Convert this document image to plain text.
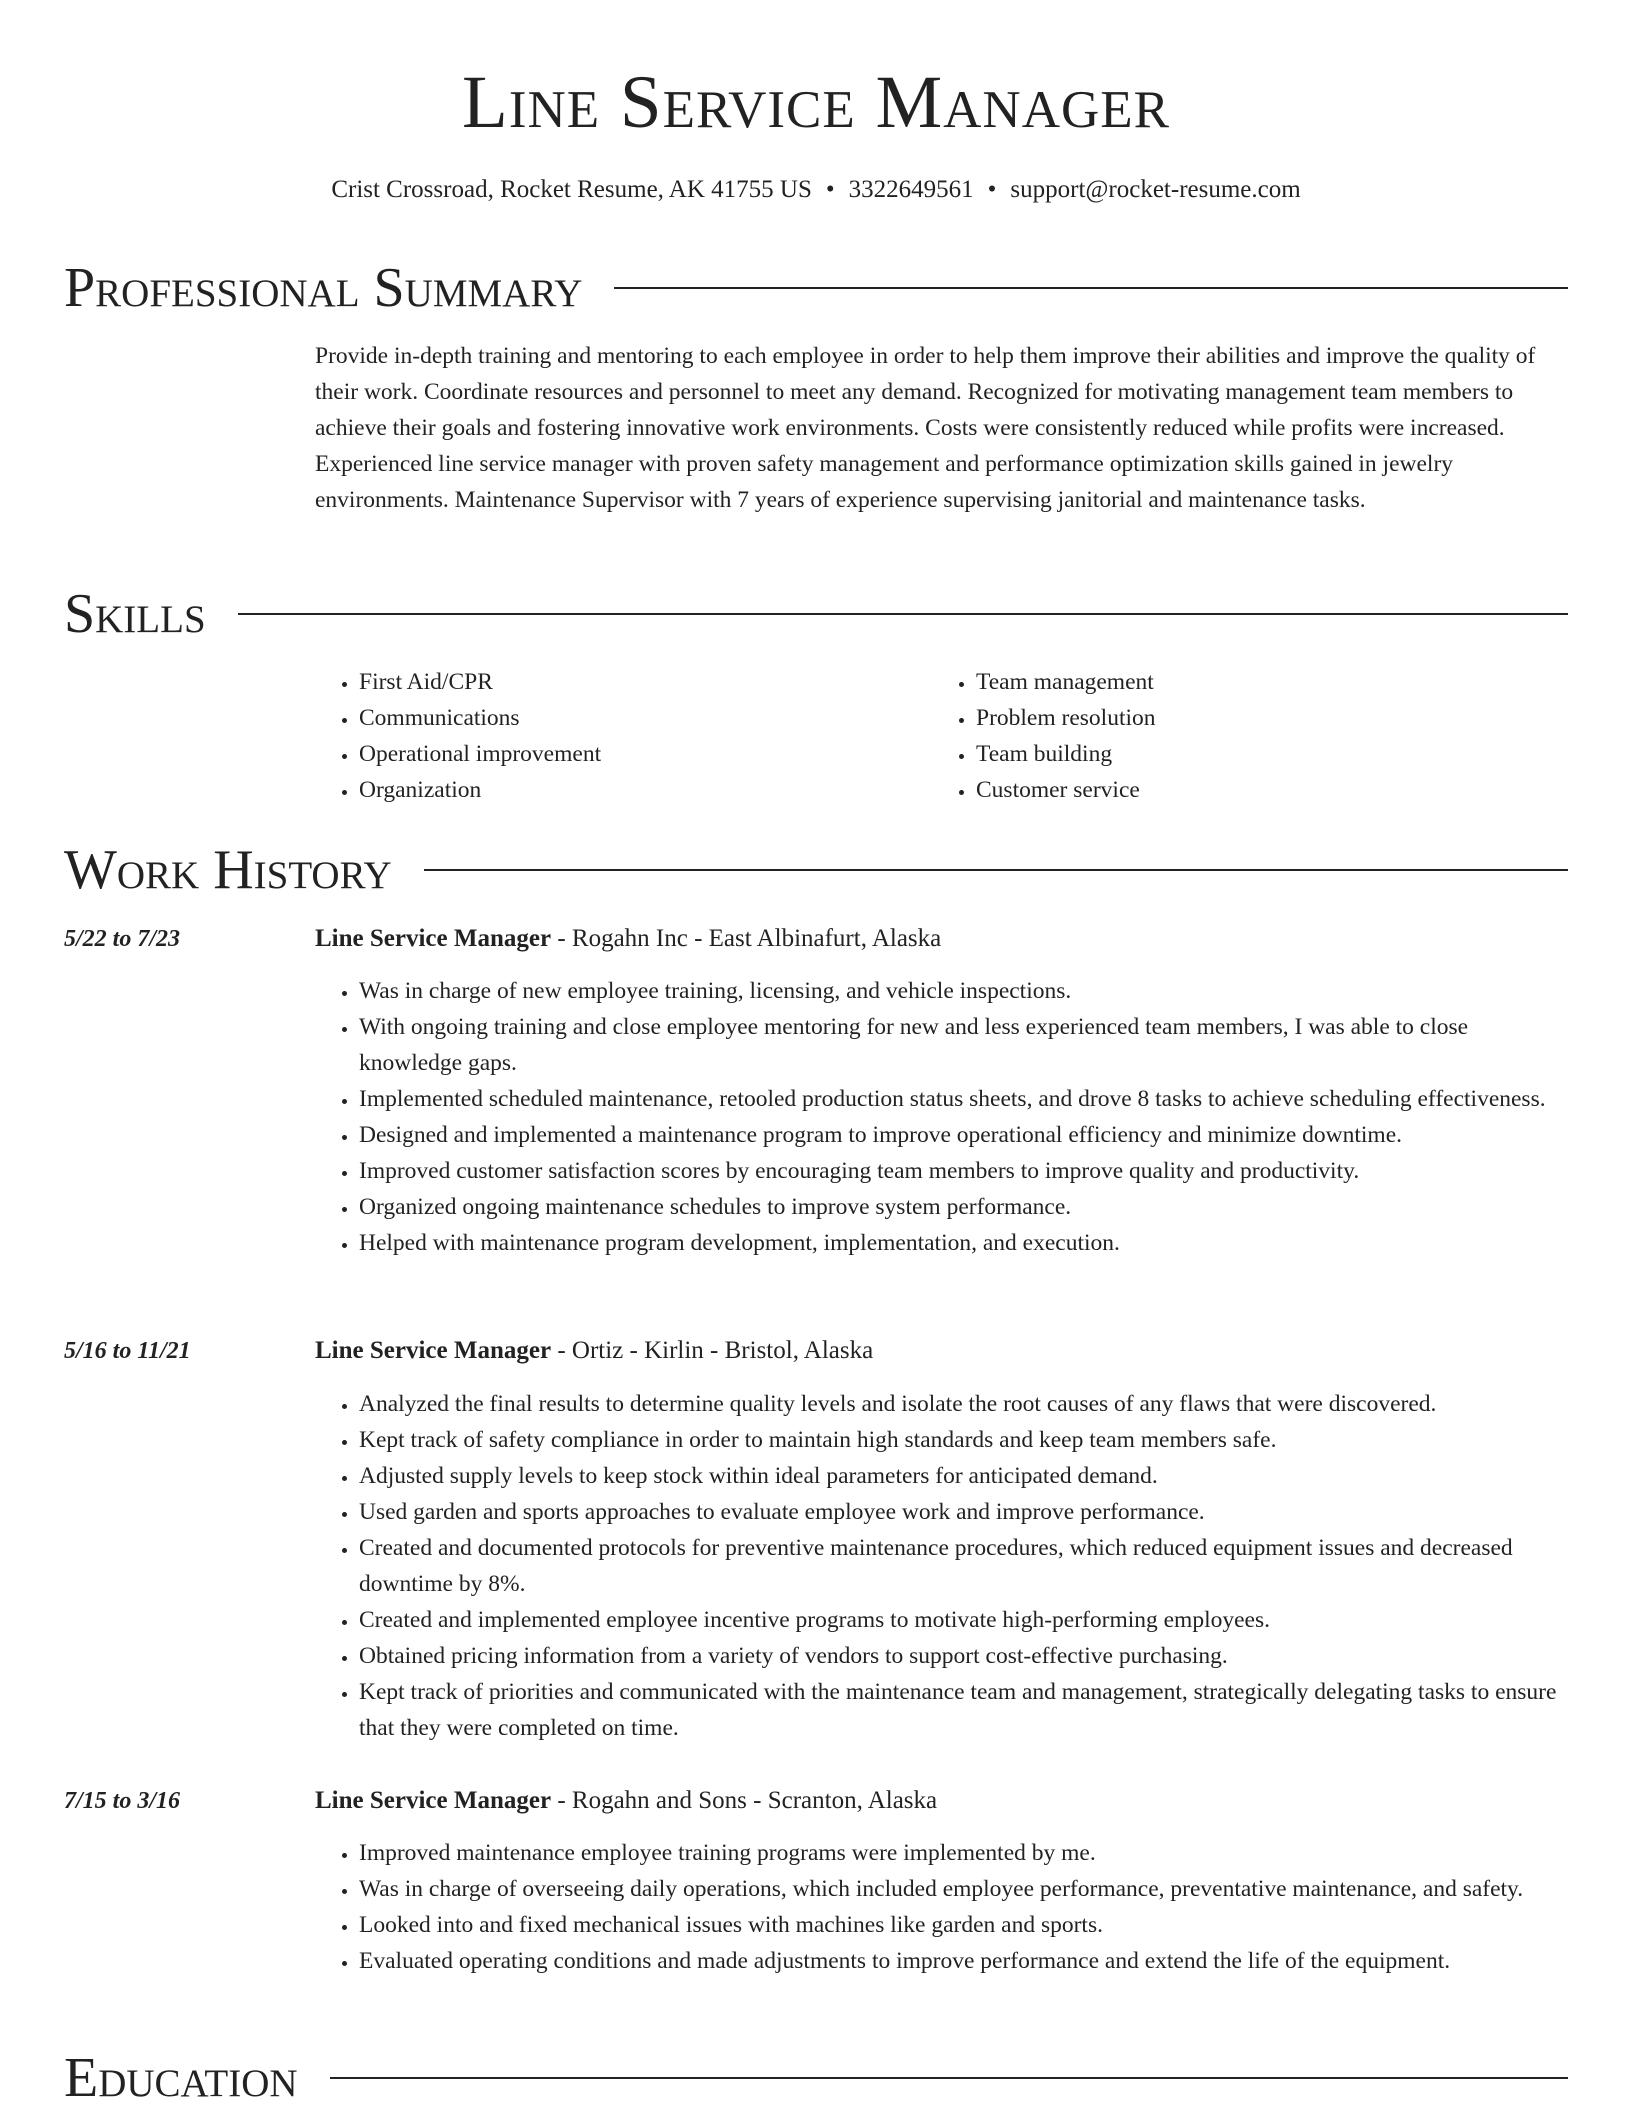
Line Service Manager
Crist Crossroad, Rocket Resume, AK 41755 US • 3322649561 • support@rocket-resume.com
Professional Summary
Provide in-depth training and mentoring to each employee in order to help them improve their abilities and improve the quality of their work. Coordinate resources and personnel to meet any demand. Recognized for motivating management team members to achieve their goals and fostering innovative work environments. Costs were consistently reduced while profits were increased. Experienced line service manager with proven safety management and performance optimization skills gained in jewelry environments. Maintenance Supervisor with 7 years of experience supervising janitorial and maintenance tasks.
Skills
• First Aid/CPR
• Communications
• Operational improvement
• Organization
• Team management
• Problem resolution
• Team building
• Customer service
Work History
5/22 to 7/23	Line Service Manager - Rogahn Inc - East Albinafurt, Alaska
• Was in charge of new employee training, licensing, and vehicle inspections.
• With ongoing training and close employee mentoring for new and less experienced team members, I was able to close knowledge gaps.
• Implemented scheduled maintenance, retooled production status sheets, and drove 8 tasks to achieve scheduling effectiveness.
• Designed and implemented a maintenance program to improve operational efficiency and minimize downtime.
• Improved customer satisfaction scores by encouraging team members to improve quality and productivity.
• Organized ongoing maintenance schedules to improve system performance.
• Helped with maintenance program development, implementation, and execution.
5/16 to 11/21	Line Service Manager - Ortiz - Kirlin - Bristol, Alaska
• Analyzed the final results to determine quality levels and isolate the root causes of any flaws that were discovered.
• Kept track of safety compliance in order to maintain high standards and keep team members safe.
• Adjusted supply levels to keep stock within ideal parameters for anticipated demand.
• Used garden and sports approaches to evaluate employee work and improve performance.
• Created and documented protocols for preventive maintenance procedures, which reduced equipment issues and decreased downtime by 8%.
• Created and implemented employee incentive programs to motivate high-performing employees.
• Obtained pricing information from a variety of vendors to support cost-effective purchasing.
• Kept track of priorities and communicated with the maintenance team and management, strategically delegating tasks to ensure that they were completed on time.
7/15 to 3/16	Line Service Manager - Rogahn and Sons - Scranton, Alaska
• Improved maintenance employee training programs were implemented by me.
• Was in charge of overseeing daily operations, which included employee performance, preventative maintenance, and safety.
• Looked into and fixed mechanical issues with machines like garden and sports.
• Evaluated operating conditions and made adjustments to improve performance and extend the life of the equipment.
Education
